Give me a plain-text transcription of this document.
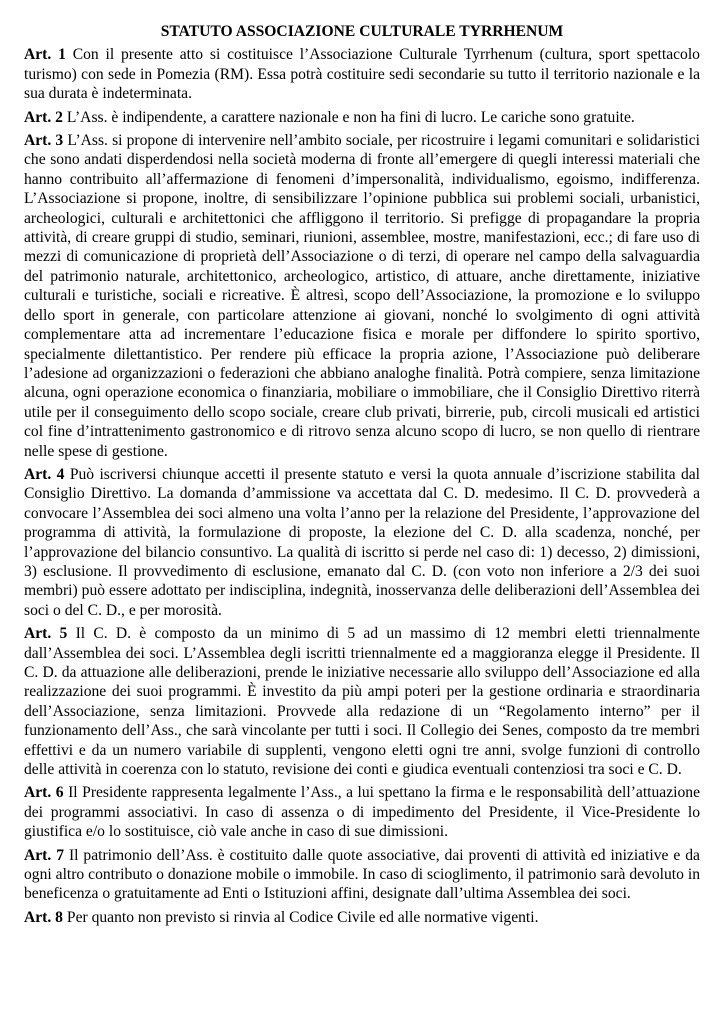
STATUTO ASSOCIAZIONE CULTURALE TYRRHENUM

Art. 1 Con il presente atto si costituisce l’Associazione Culturale Tyrrhenum (cultura, sport spettacolo turismo) con sede in Pomezia (RM). Essa potrà costituire sedi secondarie su tutto il territorio nazionale e la sua durata è indeterminata.

Art. 2 L’Ass. è indipendente, a carattere nazionale e non ha fini di lucro. Le cariche sono gratuite.

Art. 3 L’Ass. si propone di intervenire nell’ambito sociale, per ricostruire i legami comunitari e solidaristici che sono andati disperdendosi nella società moderna di fronte all’emergere di quegli interessi materiali che hanno contribuito all’affermazione di fenomeni d’impersonalità, individualismo, egoismo, indifferenza. L’Associazione si propone, inoltre, di sensibilizzare l’opinione pubblica sui problemi sociali, urbanistici, archeologici, culturali e architettonici che affliggono il territorio. Si prefigge di propagandare la propria attività, di creare gruppi di studio, seminari, riunioni, assemblee, mostre, manifestazioni, ecc.; di fare uso di mezzi di comunicazione di proprietà dell’Associazione o di terzi, di operare nel campo della salvaguardia del patrimonio naturale, architettonico, archeologico, artistico, di attuare, anche direttamente, iniziative culturali e turistiche, sociali e ricreative. È altresì, scopo dell’Associazione, la promozione e lo sviluppo dello sport in generale, con particolare attenzione ai giovani, nonché lo svolgimento di ogni attività complementare atta ad incrementare l’educazione fisica e morale per diffondere lo spirito sportivo, specialmente dilettantistico. Per rendere più efficace la propria azione, l’Associazione può deliberare l’adesione ad organizzazioni o federazioni che abbiano analoghe finalità. Potrà compiere, senza limitazione alcuna, ogni operazione economica o finanziaria, mobiliare o immobiliare, che il Consiglio Direttivo riterrà utile per il conseguimento dello scopo sociale, creare club privati, birrerie, pub, circoli musicali ed artistici col fine d’intrattenimento gastronomico e di ritrovo senza alcuno scopo di lucro, se non quello di rientrare nelle spese di gestione.

Art. 4 Può iscriversi chiunque accetti il presente statuto e versi la quota annuale d’iscrizione stabilita dal Consiglio Direttivo. La domanda d’ammissione va accettata dal C. D. medesimo. Il C. D. provvederà a convocare l’Assemblea dei soci almeno una volta l’anno per la relazione del Presidente, l’approvazione del programma di attività, la formulazione di proposte, la elezione del C. D. alla scadenza, nonché, per l’approvazione del bilancio consuntivo. La qualità di iscritto si perde nel caso di: 1) decesso, 2) dimissioni, 3) esclusione. Il provvedimento di esclusione, emanato dal C. D. (con voto non inferiore a 2/3 dei suoi membri) può essere adottato per indisciplina, indegnità, inosservanza delle deliberazioni dell’Assemblea dei soci o del C. D., e per morosità.

Art. 5 Il C. D. è composto da un minimo di 5 ad un massimo di 12 membri eletti triennalmente dall’Assemblea dei soci. L’Assemblea degli iscritti triennalmente ed a maggioranza elegge il Presidente. Il C. D. da attuazione alle deliberazioni, prende le iniziative necessarie allo sviluppo dell’Associazione ed alla realizzazione dei suoi programmi. È investito da più ampi poteri per la gestione ordinaria e straordinaria dell’Associazione, senza limitazioni. Provvede alla redazione di un “Regolamento interno” per il funzionamento dell’Ass., che sarà vincolante per tutti i soci. Il Collegio dei Senes, composto da tre membri effettivi e da un numero variabile di supplenti, vengono eletti ogni tre anni, svolge funzioni di controllo delle attività in coerenza con lo statuto, revisione dei conti e giudica eventuali contenziosi tra soci e C. D.

Art. 6 Il Presidente rappresenta legalmente l’Ass., a lui spettano la firma e le responsabilità dell’attuazione dei programmi associativi. In caso di assenza o di impedimento del Presidente, il Vice-Presidente lo giustifica e/o lo sostituisce, ciò vale anche in caso di sue dimissioni.

Art. 7 Il patrimonio dell’Ass. è costituito dalle quote associative, dai proventi di attività ed iniziative e da ogni altro contributo o donazione mobile o immobile. In caso di scioglimento, il patrimonio sarà devoluto in beneficenza o gratuitamente ad Enti o Istituzioni affini, designate dall’ultima Assemblea dei soci.

Art. 8 Per quanto non previsto si rinvia al Codice Civile ed alle normative vigenti.
